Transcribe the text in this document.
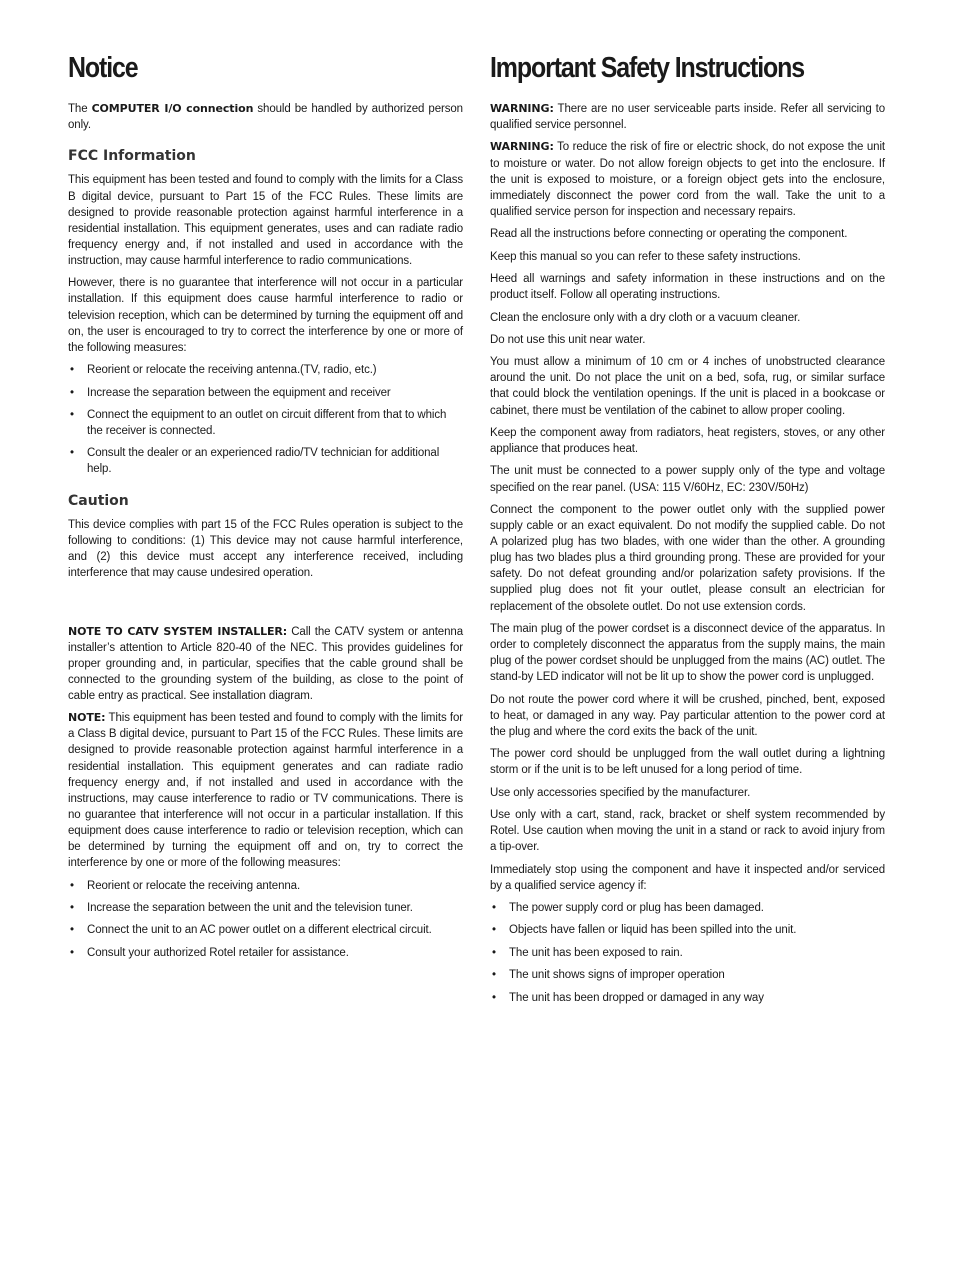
Notice

The COMPUTER I/O connection should be handled by authorized person only.

FCC Information

This equipment has been tested and found to comply with the limits for a Class B digital device, pursuant to Part 15 of the FCC Rules. These limits are designed to provide reasonable protection against harmful interference in a residential installation. This equipment generates, uses and can radiate radio frequency energy and, if not installed and used in accordance with the instruction, may cause harmful interference to radio communications.

However, there is no guarantee that interference will not occur in a particular installation. If this equipment does cause harmful interference to radio or television reception, which can be determined by turning the equipment off and on, the user is encouraged to try to correct the interference by one or more of the following measures:

• Reorient or relocate the receiving antenna.(TV, radio, etc.)
• Increase the separation between the equipment and receiver
• Connect the equipment to an outlet on circuit different from that to which the receiver is connected.
• Consult the dealer or an experienced radio/TV technician for additional help.
Caution

This device complies with part 15 of the FCC Rules operation is subject to the following to conditions: (1) This device may not cause harmful interference, and (2) this device must accept any interference received, including interference that may cause undesired operation.

NOTE TO CATV SYSTEM INSTALLER: Call the CATV system or antenna installer’s attention to Article 820-40 of the NEC. This provides guidelines for proper grounding and, in particular, specifies that the cable ground shall be connected to the grounding system of the building, as close to the point of cable entry as practical. See installation diagram.

NOTE: This equipment has been tested and found to comply with the limits for a Class B digital device, pursuant to Part 15 of the FCC Rules. These limits are designed to provide reasonable protection against harmful interference in a residential installation. This equipment generates and can radiate radio frequency energy and, if not installed and used in accordance with the instructions, may cause interference to radio or TV communications. There is no guarantee that interference will not occur in a particular installation. If this equipment does cause interference to radio or television reception, which can be determined by turning the equipment off and on, try to correct the interference by one or more of the following measures:

• Reorient or relocate the receiving antenna.
• Increase the separation between the unit and the television tuner.
• Connect the unit to an AC power outlet on a different electrical circuit.
• Consult your authorized Rotel retailer for assistance.
Important Safety Instructions

WARNING: There are no user serviceable parts inside. Refer all servicing to qualified service personnel.

WARNING: To reduce the risk of fire or electric shock, do not expose the unit to moisture or water. Do not allow foreign objects to get into the enclosure. If the unit is exposed to moisture, or a foreign object gets into the enclosure, immediately disconnect the power cord from the wall. Take the unit to a qualified service person for inspection and necessary repairs.

Read all the instructions before connecting or operating the component.

Keep this manual so you can refer to these safety instructions.

Heed all warnings and safety information in these instructions and on the product itself. Follow all operating instructions.

Clean the enclosure only with a dry cloth or a vacuum cleaner.

Do not use this unit near water.

You must allow a minimum of 10 cm or 4 inches of unobstructed clearance around the unit. Do not place the unit on a bed, sofa, rug, or similar surface that could block the ventilation openings. If the unit is placed in a bookcase or cabinet, there must be ventilation of the cabinet to allow proper cooling.

Keep the component away from radiators, heat registers, stoves, or any other appliance that produces heat.

The unit must be connected to a power supply only of the type and voltage specified on the rear panel. (USA: 115 V/60Hz, EC: 230V/50Hz)

Connect the component to the power outlet only with the supplied power supply cable or an exact equivalent. Do not modify the supplied cable. Do not A polarized plug has two blades, with one wider than the other. A grounding plug has two blades plus a third grounding prong. These are provided for your safety. Do not defeat grounding and/or polarization safety provisions. If the supplied plug does not fit your outlet, please consult an electrician for replacement of the obsolete outlet. Do not use extension cords.

The main plug of the power cordset is a disconnect device of the apparatus. In order to completely disconnect the apparatus from the supply mains, the main plug of the power cordset should be unplugged from the mains (AC) outlet. The stand-by LED indicator will not be lit up to show the power cord is unplugged.

Do not route the power cord where it will be crushed, pinched, bent, exposed to heat, or damaged in any way. Pay particular attention to the power cord at the plug and where the cord exits the back of the unit.

The power cord should be unplugged from the wall outlet during a lightning storm or if the unit is to be left unused for a long period of time.

Use only accessories specified by the manufacturer.

Use only with a cart, stand, rack, bracket or shelf system recommended by Rotel. Use caution when moving the unit in a stand or rack to avoid injury from a tip-over.

Immediately stop using the component and have it inspected and/or serviced by a qualified service agency if:

• The power supply cord or plug has been damaged.
• Objects have fallen or liquid has been spilled into the unit.
• The unit has been exposed to rain.
• The unit shows signs of improper operation
• The unit has been dropped or damaged in any way
